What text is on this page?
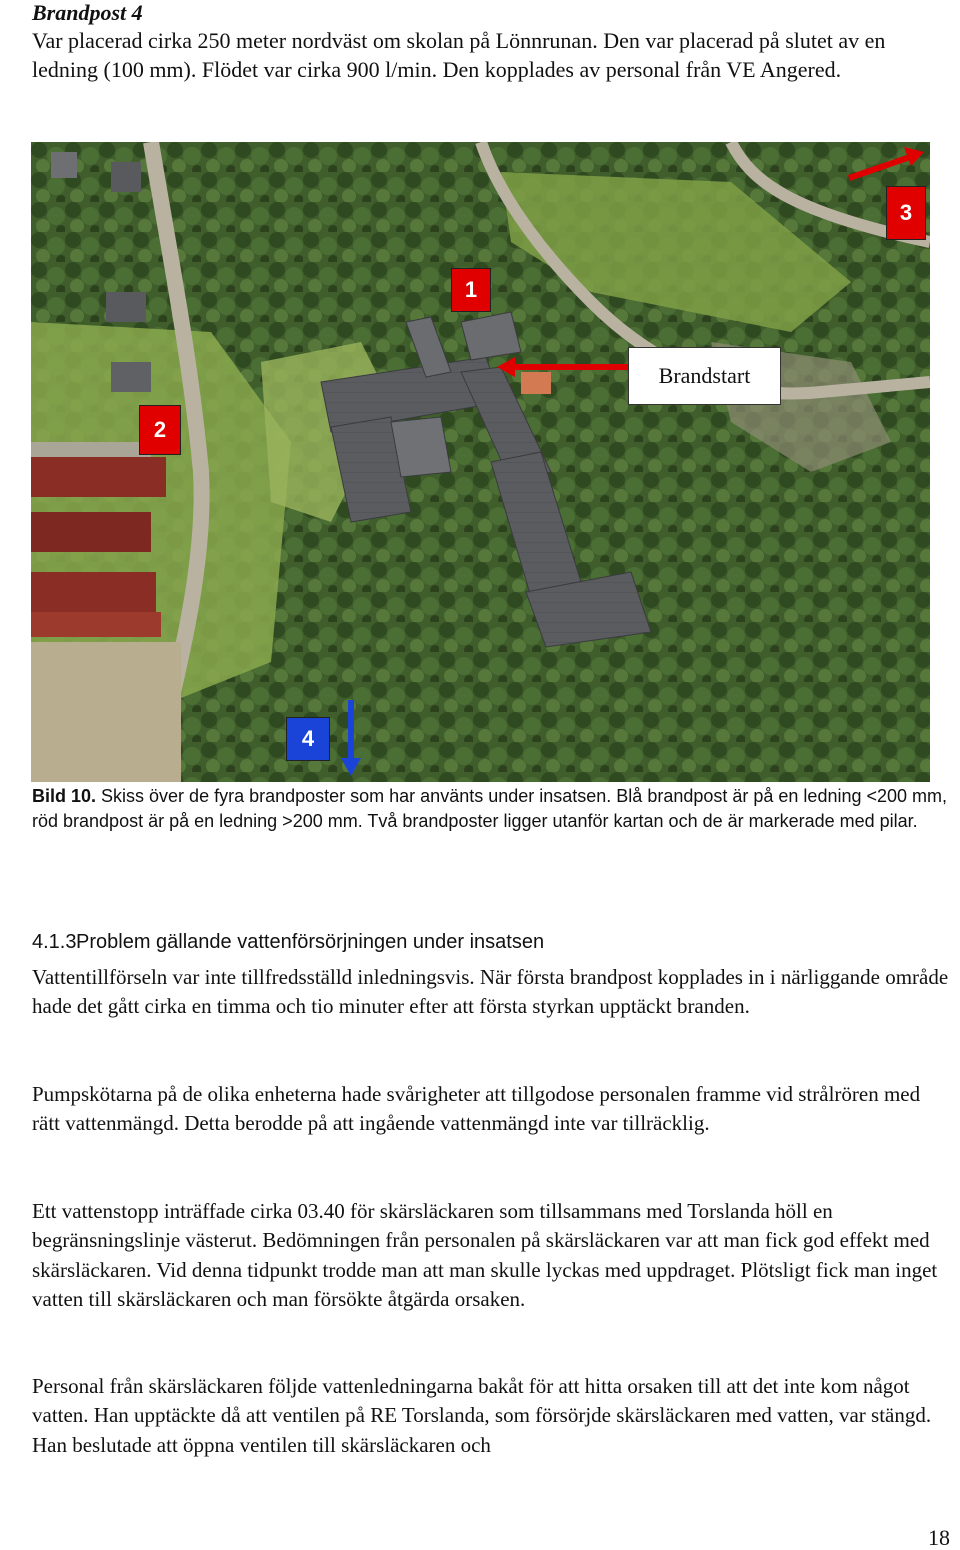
Brandpost 4

Var placerad cirka 250 meter nordväst om skolan på Lönnrunan. Den var placerad på slutet av en ledning (100 mm). Flödet var cirka 900 l/min. Den kopplades av personal från VE Angered.

1
2
3
4
Brandstart

Bild 10. Skiss över de fyra brandposter som har använts under insatsen. Blå brandpost är på en ledning <200 mm, röd brandpost är på en ledning >200 mm. Två brandposter ligger utanför kartan och de är markerade med pilar.

4.1.3Problem gällande vattenförsörjningen under insatsen

Vattentillförseln var inte tillfredsställd inledningsvis. När första brandpost kopplades in i närliggande område hade det gått cirka en timma och tio minuter efter att första styrkan upptäckt branden.

Pumpskötarna på de olika enheterna hade svårigheter att tillgodose personalen framme vid strålrören med rätt vattenmängd. Detta berodde på att ingående vattenmängd inte var tillräcklig.

Ett vattenstopp inträffade cirka 03.40 för skärsläckaren som tillsammans med Torslanda höll en begränsningslinje västerut. Bedömningen från personalen på skärsläckaren var att man fick god effekt med skärsläckaren. Vid denna tidpunkt trodde man att man skulle lyckas med uppdraget. Plötsligt fick man inget vatten till skärsläckaren och man försökte åtgärda orsaken.

Personal från skärsläckaren följde vattenledningarna bakåt för att hitta orsaken till att det inte kom något vatten. Han upptäckte då att ventilen på RE Torslanda, som försörjde skärsläckaren med vatten, var stängd. Han beslutade att öppna ventilen till skärsläckaren och

18
